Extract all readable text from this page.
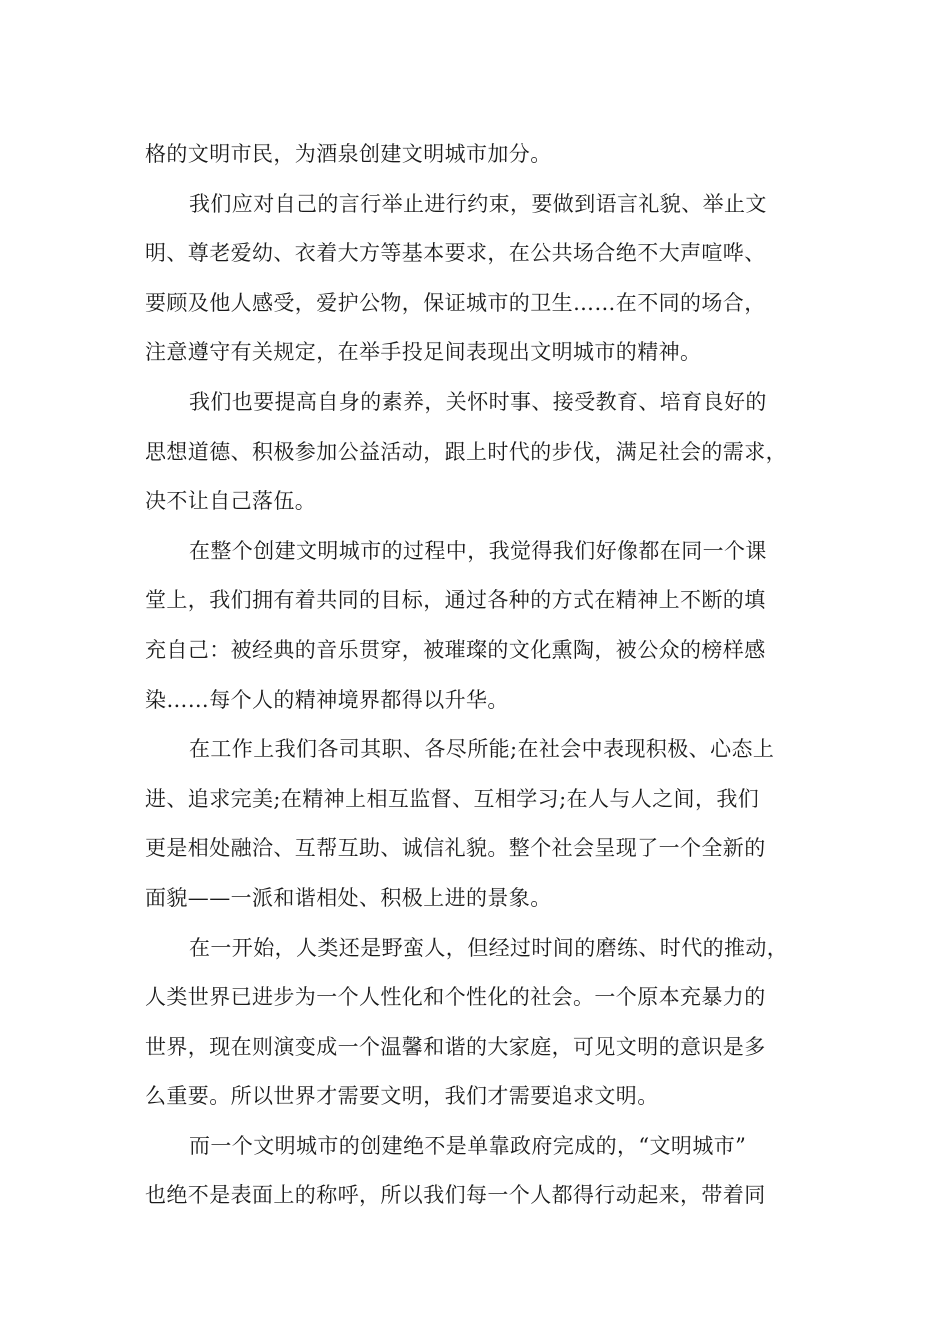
格的文明市民，为酒泉创建文明城市加分。
我们应对自己的言行举止进行约束，要做到语言礼貌、举止文
明、尊老爱幼、衣着大方等基本要求，在公共场合绝不大声喧哗、
要顾及他人感受，爱护公物，保证城市的卫生……在不同的场合，
注意遵守有关规定，在举手投足间表现出文明城市的精神。
我们也要提高自身的素养，关怀时事、接受教育、培育良好的
思想道德、积极参加公益活动，跟上时代的步伐，满足社会的需求，
决不让自己落伍。
在整个创建文明城市的过程中，我觉得我们好像都在同一个课
堂上，我们拥有着共同的目标，通过各种的方式在精神上不断的填
充自己：被经典的音乐贯穿，被璀璨的文化熏陶，被公众的榜样感
染……每个人的精神境界都得以升华。
在工作上我们各司其职、各尽所能;在社会中表现积极、心态上
进、追求完美;在精神上相互监督、互相学习;在人与人之间，我们
更是相处融洽、互帮互助、诚信礼貌。整个社会呈现了一个全新的
面貌——一派和谐相处、积极上进的景象。
在一开始，人类还是野蛮人，但经过时间的磨练、时代的推动，
人类世界已进步为一个人性化和个性化的社会。一个原本充暴力的
世界，现在则演变成一个温馨和谐的大家庭，可见文明的意识是多
么重要。所以世界才需要文明，我们才需要追求文明。
而一个文明城市的创建绝不是单靠政府完成的，“文明城市”
也绝不是表面上的称呼，所以我们每一个人都得行动起来，带着同
